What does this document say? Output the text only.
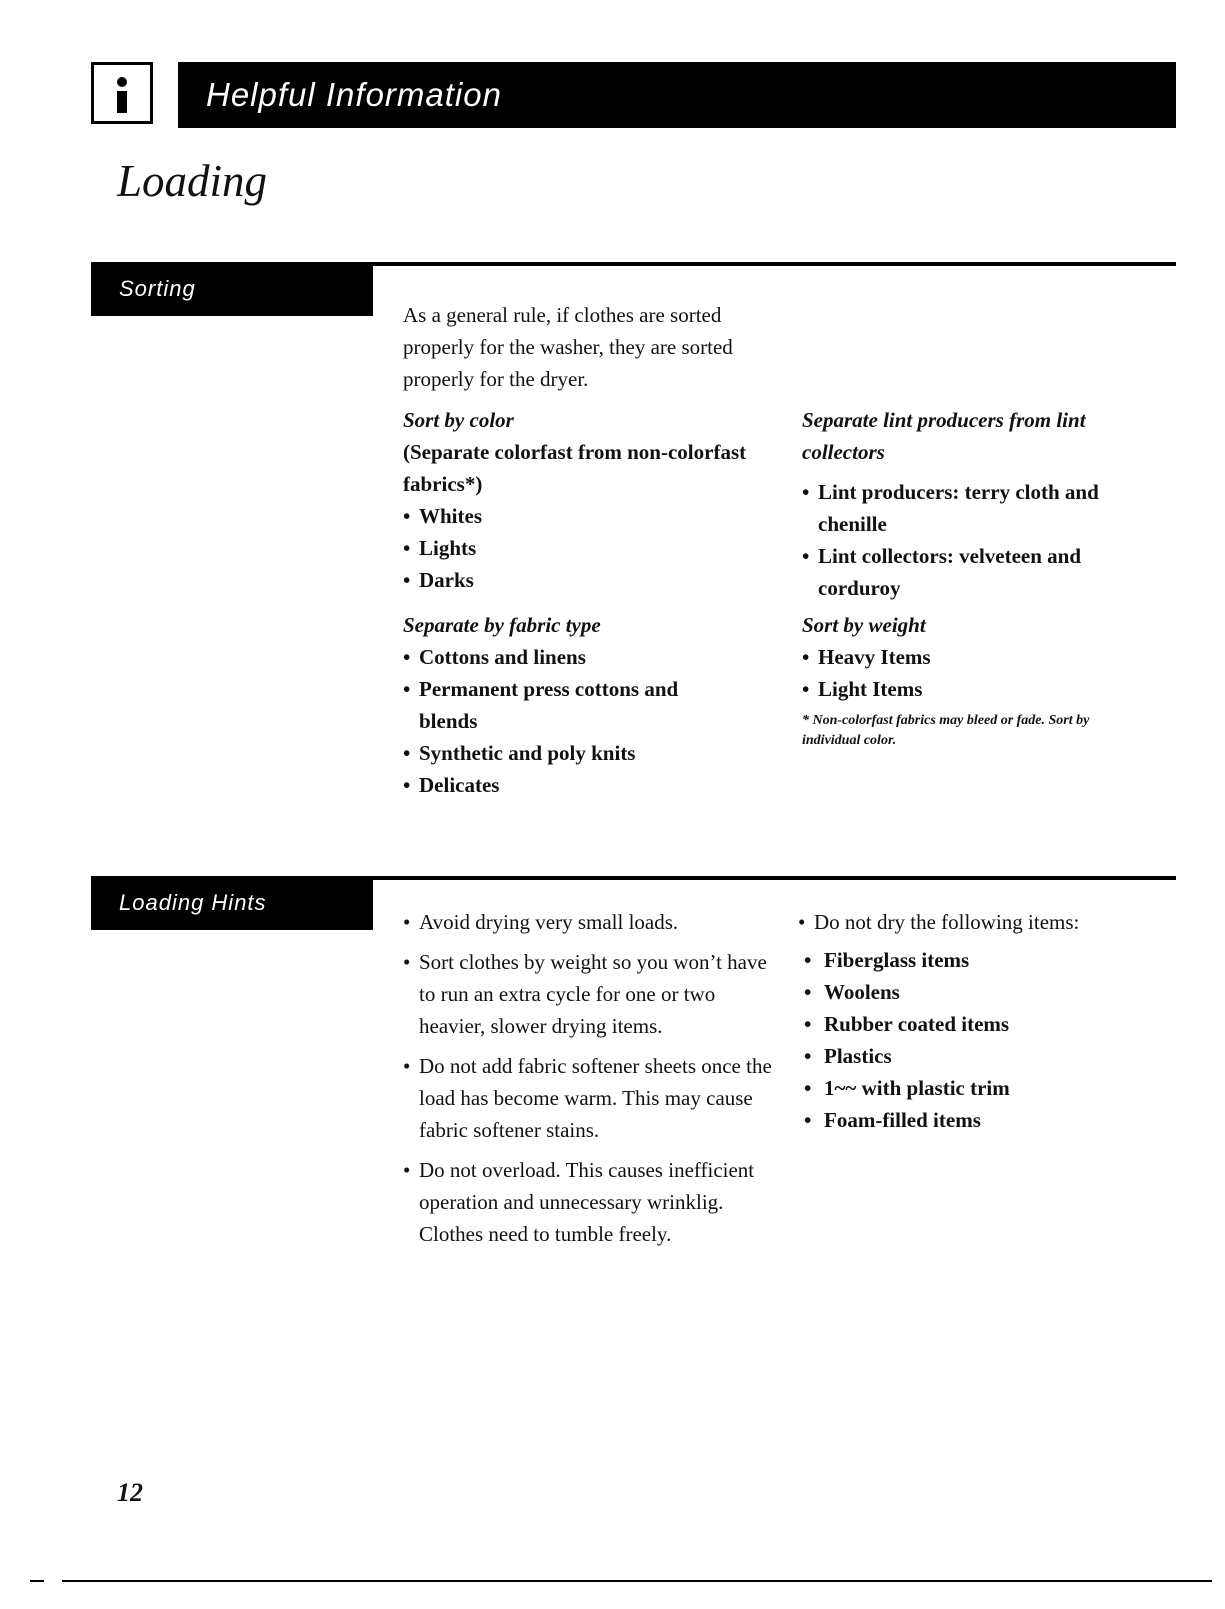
Helpful Information
Loading
Sorting
As a general rule, if clothes are sorted properly for the washer, they are sorted properly for the dryer.

Sort by color

(Separate colorfast from non-colorfast fabrics*)

• Whites
• Lights
• Darks

Separate by fabric type

• Cottons and linens
• Permanent press cottons and blends
• Synthetic and poly knits
• Delicates

Separate lint producers from lint collectors

• Lint producers: terry cloth and chenille
• Lint collectors: velveteen and corduroy

Sort by weight

• Heavy Items
• Light Items

* Non-colorfast fabrics may bleed or fade. Sort by individual color.

Loading Hints
• Avoid drying very small loads.
• Sort clothes by weight so you won’t have to run an extra cycle for one or two heavier, slower drying items.
• Do not add fabric softener sheets once the load has become warm. This may cause fabric softener stains.
• Do not overload. This causes inefficient operation and unnecessary wrinklig. Clothes need to tumble freely.

• Do not dry the following items:

• Fiberglass items
• Woolens
• Rubber coated items
• Plastics
• 1~~ with plastic trim
• Foam-filled items
12
